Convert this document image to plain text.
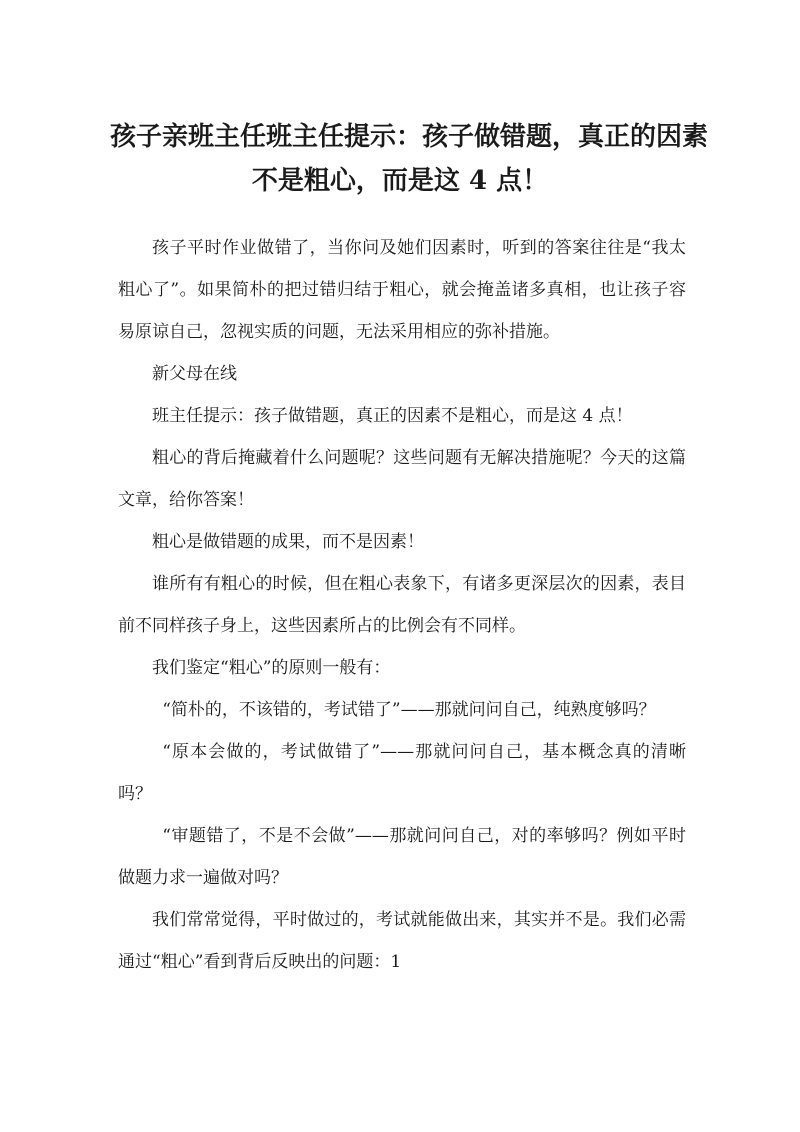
孩子亲班主任班主任提示：孩子做错题，真正的因素
不是粗心，而是这 4 点！

孩子平时作业做错了，当你问及她们因素时，听到的答案往往是“我太粗心了”。如果简朴的把过错归结于粗心，就会掩盖诸多真相，也让孩子容易原谅自己，忽视实质的问题，无法采用相应的弥补措施。

新父母在线

班主任提示：孩子做错题，真正的因素不是粗心，而是这 4 点！

粗心的背后掩藏着什么问题呢？这些问题有无解决措施呢？今天的这篇文章，给你答案！

粗心是做错题的成果，而不是因素！

谁所有有粗心的时候，但在粗心表象下，有诸多更深层次的因素，表目前不同样孩子身上，这些因素所占的比例会有不同样。

我们鉴定“粗心”的原则一般有：

“简朴的，不该错的，考试错了”——那就问问自己，纯熟度够吗？

“原本会做的，考试做错了”——那就问问自己，基本概念真的清晰吗？

“审题错了，不是不会做”——那就问问自己，对的率够吗？例如平时做题力求一遍做对吗？

我们常常觉得，平时做过的，考试就能做出来，其实并不是。我们必需通过“粗心”看到背后反映出的问题：1
